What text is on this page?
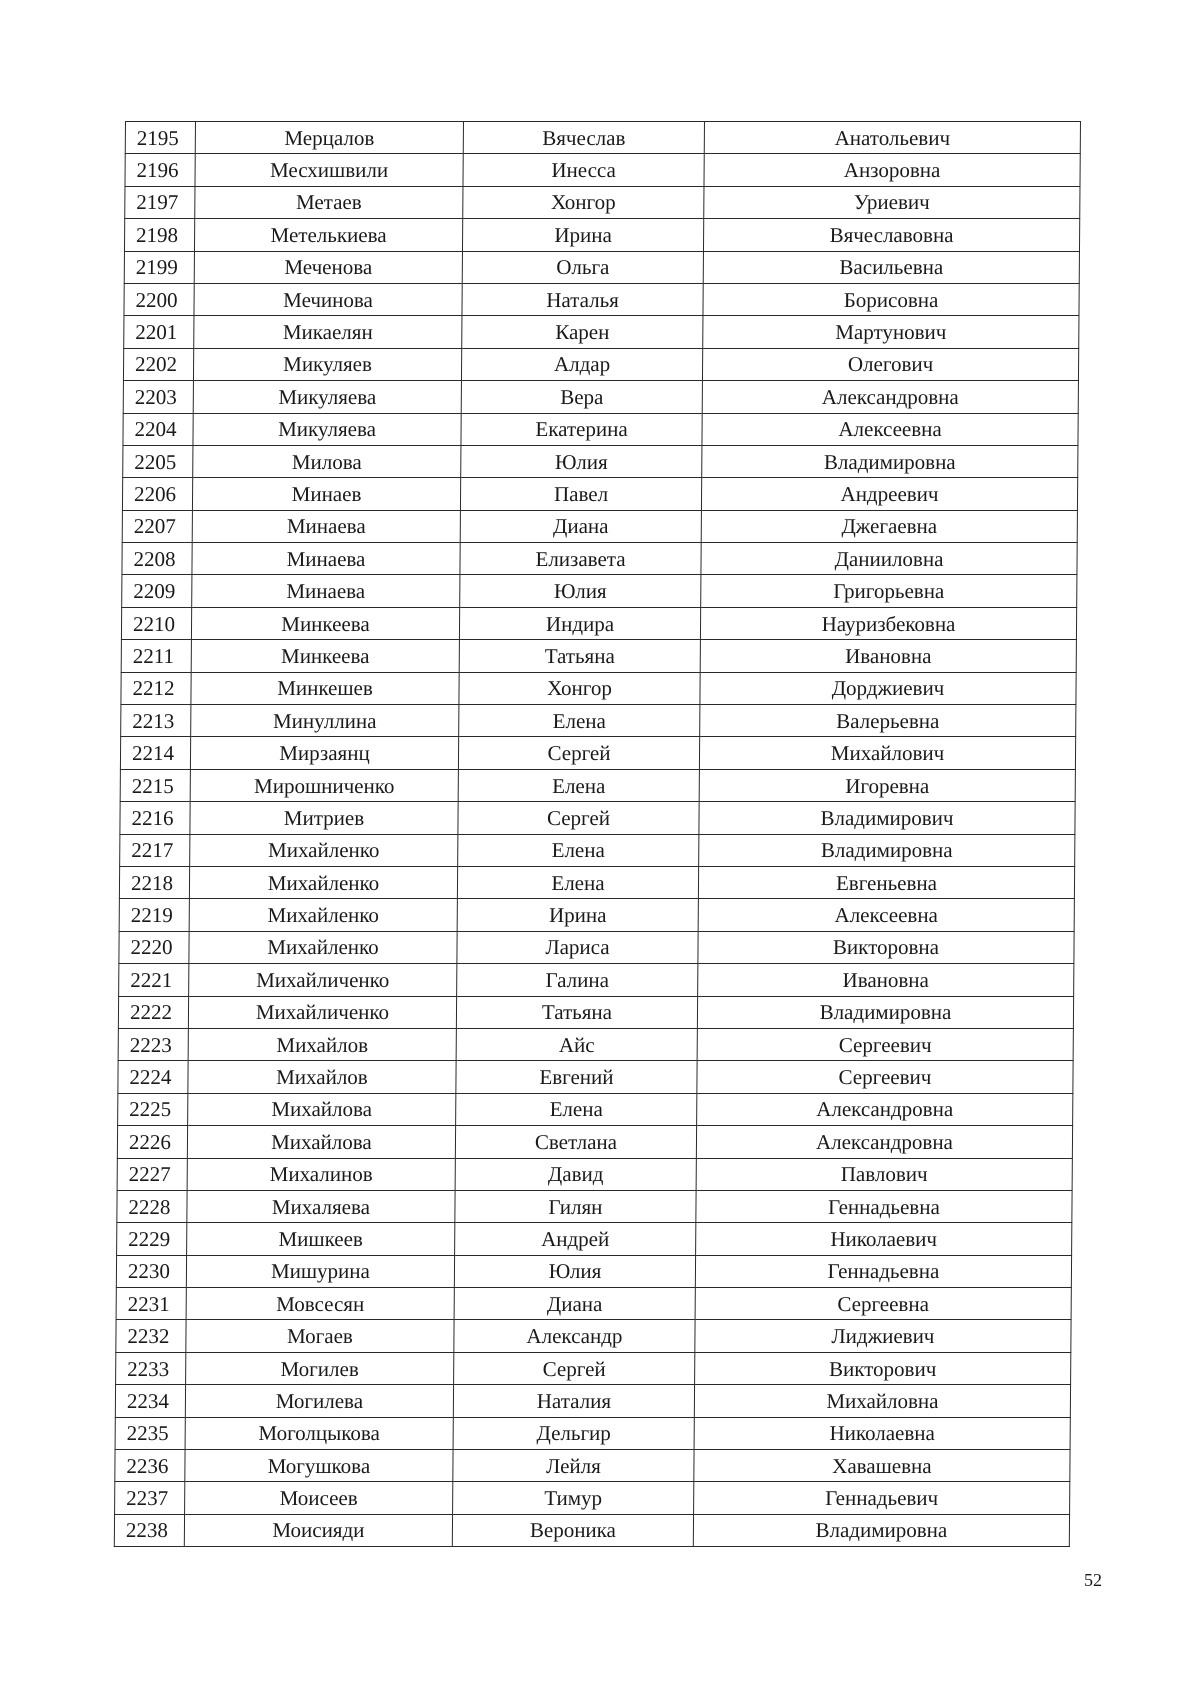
2195	Мерцалов	Вячеслав	Анатольевич
2196	Месхишвили	Инесса	Анзоровна
2197	Метаев	Хонгор	Уриевич
2198	Метелькиева	Ирина	Вячеславовна
2199	Меченова	Ольга	Васильевна
2200	Мечинова	Наталья	Борисовна
2201	Микаелян	Карен	Мартунович
2202	Микуляев	Алдар	Олегович
2203	Микуляева	Вера	Александровна
2204	Микуляева	Екатерина	Алексеевна
2205	Милова	Юлия	Владимировна
2206	Минаев	Павел	Андреевич
2207	Минаева	Диана	Джегаевна
2208	Минаева	Елизавета	Данииловна
2209	Минаева	Юлия	Григорьевна
2210	Минкеева	Индира	Науризбековна
2211	Минкеева	Татьяна	Ивановна
2212	Минкешев	Хонгор	Дорджиевич
2213	Минуллина	Елена	Валерьевна
2214	Мирзаянц	Сергей	Михайлович
2215	Мирошниченко	Елена	Игоревна
2216	Митриев	Сергей	Владимирович
2217	Михайленко	Елена	Владимировна
2218	Михайленко	Елена	Евгеньевна
2219	Михайленко	Ирина	Алексеевна
2220	Михайленко	Лариса	Викторовна
2221	Михайличенко	Галина	Ивановна
2222	Михайличенко	Татьяна	Владимировна
2223	Михайлов	Айс	Сергеевич
2224	Михайлов	Евгений	Сергеевич
2225	Михайлова	Елена	Александровна
2226	Михайлова	Светлана	Александровна
2227	Михалинов	Давид	Павлович
2228	Михаляева	Гилян	Геннадьевна
2229	Мишкеев	Андрей	Николаевич
2230	Мишурина	Юлия	Геннадьевна
2231	Мовсесян	Диана	Сергеевна
2232	Могаев	Александр	Лиджиевич
2233	Могилев	Сергей	Викторович
2234	Могилева	Наталия	Михайловна
2235	Моголцыкова	Дельгир	Николаевна
2236	Могушкова	Лейля	Хавашевна
2237	Моисеев	Тимур	Геннадьевич
2238	Моисияди	Вероника	Владимировна
52
